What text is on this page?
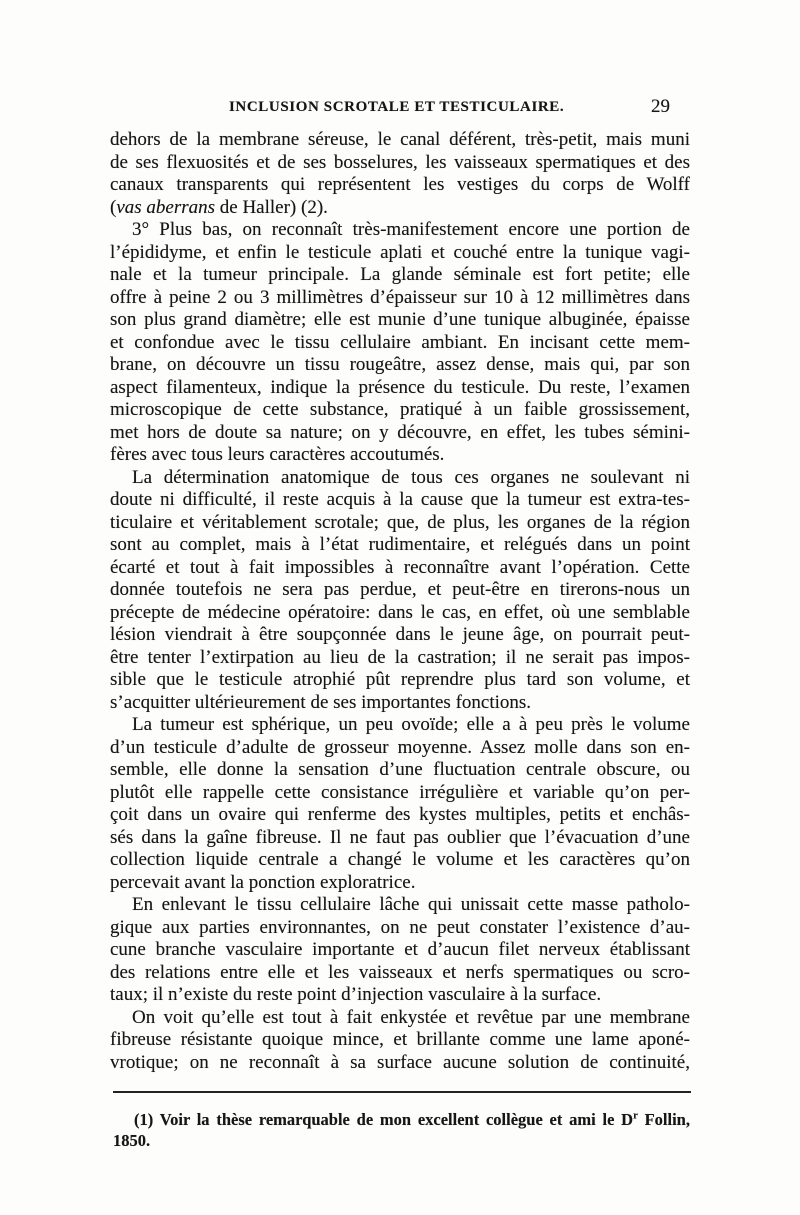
INCLUSION SCROTALE ET TESTICULAIRE.	29
dehors de la membrane séreuse, le canal déférent, très-petit, mais muni
de ses flexuosités et de ses bosselures, les vaisseaux spermatiques et des
canaux transparents qui représentent les vestiges du corps de Wolff
(vas aberrans de Haller) (2).
3° Plus bas, on reconnaît très-manifestement encore une portion de
l’épididyme, et enfin le testicule aplati et couché entre la tunique vagi-
nale et la tumeur principale. La glande séminale est fort petite; elle
offre à peine 2 ou 3 millimètres d’épaisseur sur 10 à 12 millimètres dans
son plus grand diamètre; elle est munie d’une tunique albuginée, épaisse
et confondue avec le tissu cellulaire ambiant. En incisant cette mem-
brane, on découvre un tissu rougeâtre, assez dense, mais qui, par son
aspect filamenteux, indique la présence du testicule. Du reste, l’examen
microscopique de cette substance, pratiqué à un faible grossissement,
met hors de doute sa nature; on y découvre, en effet, les tubes sémini-
fères avec tous leurs caractères accoutumés.
La détermination anatomique de tous ces organes ne soulevant ni
doute ni difficulté, il reste acquis à la cause que la tumeur est extra-tes-
ticulaire et véritablement scrotale; que, de plus, les organes de la région
sont au complet, mais à l’état rudimentaire, et relégués dans un point
écarté et tout à fait impossibles à reconnaître avant l’opération. Cette
donnée toutefois ne sera pas perdue, et peut-être en tirerons-nous un
précepte de médecine opératoire: dans le cas, en effet, où une semblable
lésion viendrait à être soupçonnée dans le jeune âge, on pourrait peut-
être tenter l’extirpation au lieu de la castration; il ne serait pas impos-
sible que le testicule atrophié pût reprendre plus tard son volume, et
s’acquitter ultérieurement de ses importantes fonctions.
La tumeur est sphérique, un peu ovoïde; elle a à peu près le volume
d’un testicule d’adulte de grosseur moyenne. Assez molle dans son en-
semble, elle donne la sensation d’une fluctuation centrale obscure, ou
plutôt elle rappelle cette consistance irrégulière et variable qu’on per-
çoit dans un ovaire qui renferme des kystes multiples, petits et enchâs-
sés dans la gaîne fibreuse. Il ne faut pas oublier que l’évacuation d’une
collection liquide centrale a changé le volume et les caractères qu’on
percevait avant la ponction exploratrice.
En enlevant le tissu cellulaire lâche qui unissait cette masse patholo-
gique aux parties environnantes, on ne peut constater l’existence d’au-
cune branche vasculaire importante et d’aucun filet nerveux établissant
des relations entre elle et les vaisseaux et nerfs spermatiques ou scro-
taux; il n’existe du reste point d’injection vasculaire à la surface.
On voit qu’elle est tout à fait enkystée et revêtue par une membrane
fibreuse résistante quoique mince, et brillante comme une lame aponé-
vrotique; on ne reconnaît à sa surface aucune solution de continuité,
(1) Voir la thèse remarquable de mon excellent collègue et ami le $D^r$ Follin,
1850.
